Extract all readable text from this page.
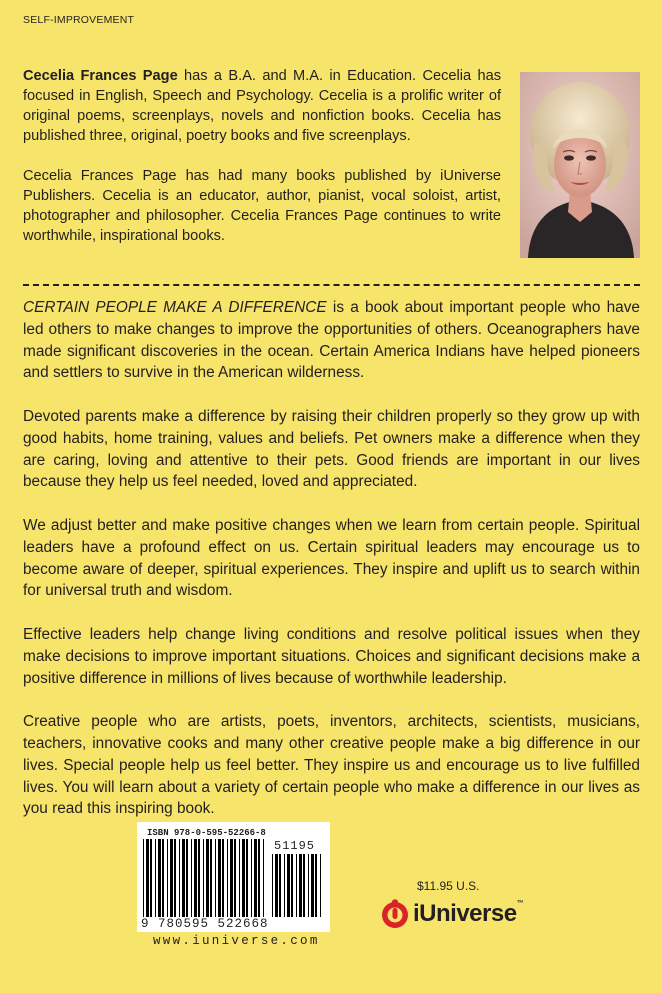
SELF-IMPROVEMENT

Cecelia Frances Page has a B.A. and M.A. in Education. Cecelia has focused in English, Speech and Psychology. Cecelia is a prolific writer of original poems, screenplays, novels and nonfiction books. Cecelia has published three, original, poetry books and five screenplays.

Cecelia Frances Page has had many books published by iUniverse Publishers. Cecelia is an educator, author, pianist, vocal soloist, artist, photographer and philosopher. Cecelia Frances Page continues to write worthwhile, inspirational books.

CERTAIN PEOPLE MAKE A DIFFERENCE is a book about important people who have led others to make changes to improve the opportunities of others. Oceanographers have made significant discoveries in the ocean. Certain America Indians have helped pioneers and settlers to survive in the American wilderness.

Devoted parents make a difference by raising their children properly so they grow up with good habits, home training, values and beliefs. Pet owners make a difference when they are caring, loving and attentive to their pets. Good friends are important in our lives because they help us feel needed, loved and appreciated.

We adjust better and make positive changes when we learn from certain people. Spiritual leaders have a profound effect on us. Certain spiritual leaders may encourage us to become aware of deeper, spiritual experiences. They inspire and uplift us to search within for universal truth and wisdom.

Effective leaders help change living conditions and resolve political issues when they make decisions to improve important situations. Choices and significant decisions make a positive difference in millions of lives because of worthwhile leadership.

Creative people who are artists, poets, inventors, architects, scientists, musicians, teachers, innovative cooks and many other creative people make a big difference in our lives. Special people help us feel better. They inspire us and encourage us to live fulfilled lives. You will learn about a variety of certain people who make a difference in our lives as you read this inspiring book.

ISBN 978-0-595-52266-8
51195
9 780595 522668
www.iuniverse.com
$11.95 U.S.
iUniverse™
